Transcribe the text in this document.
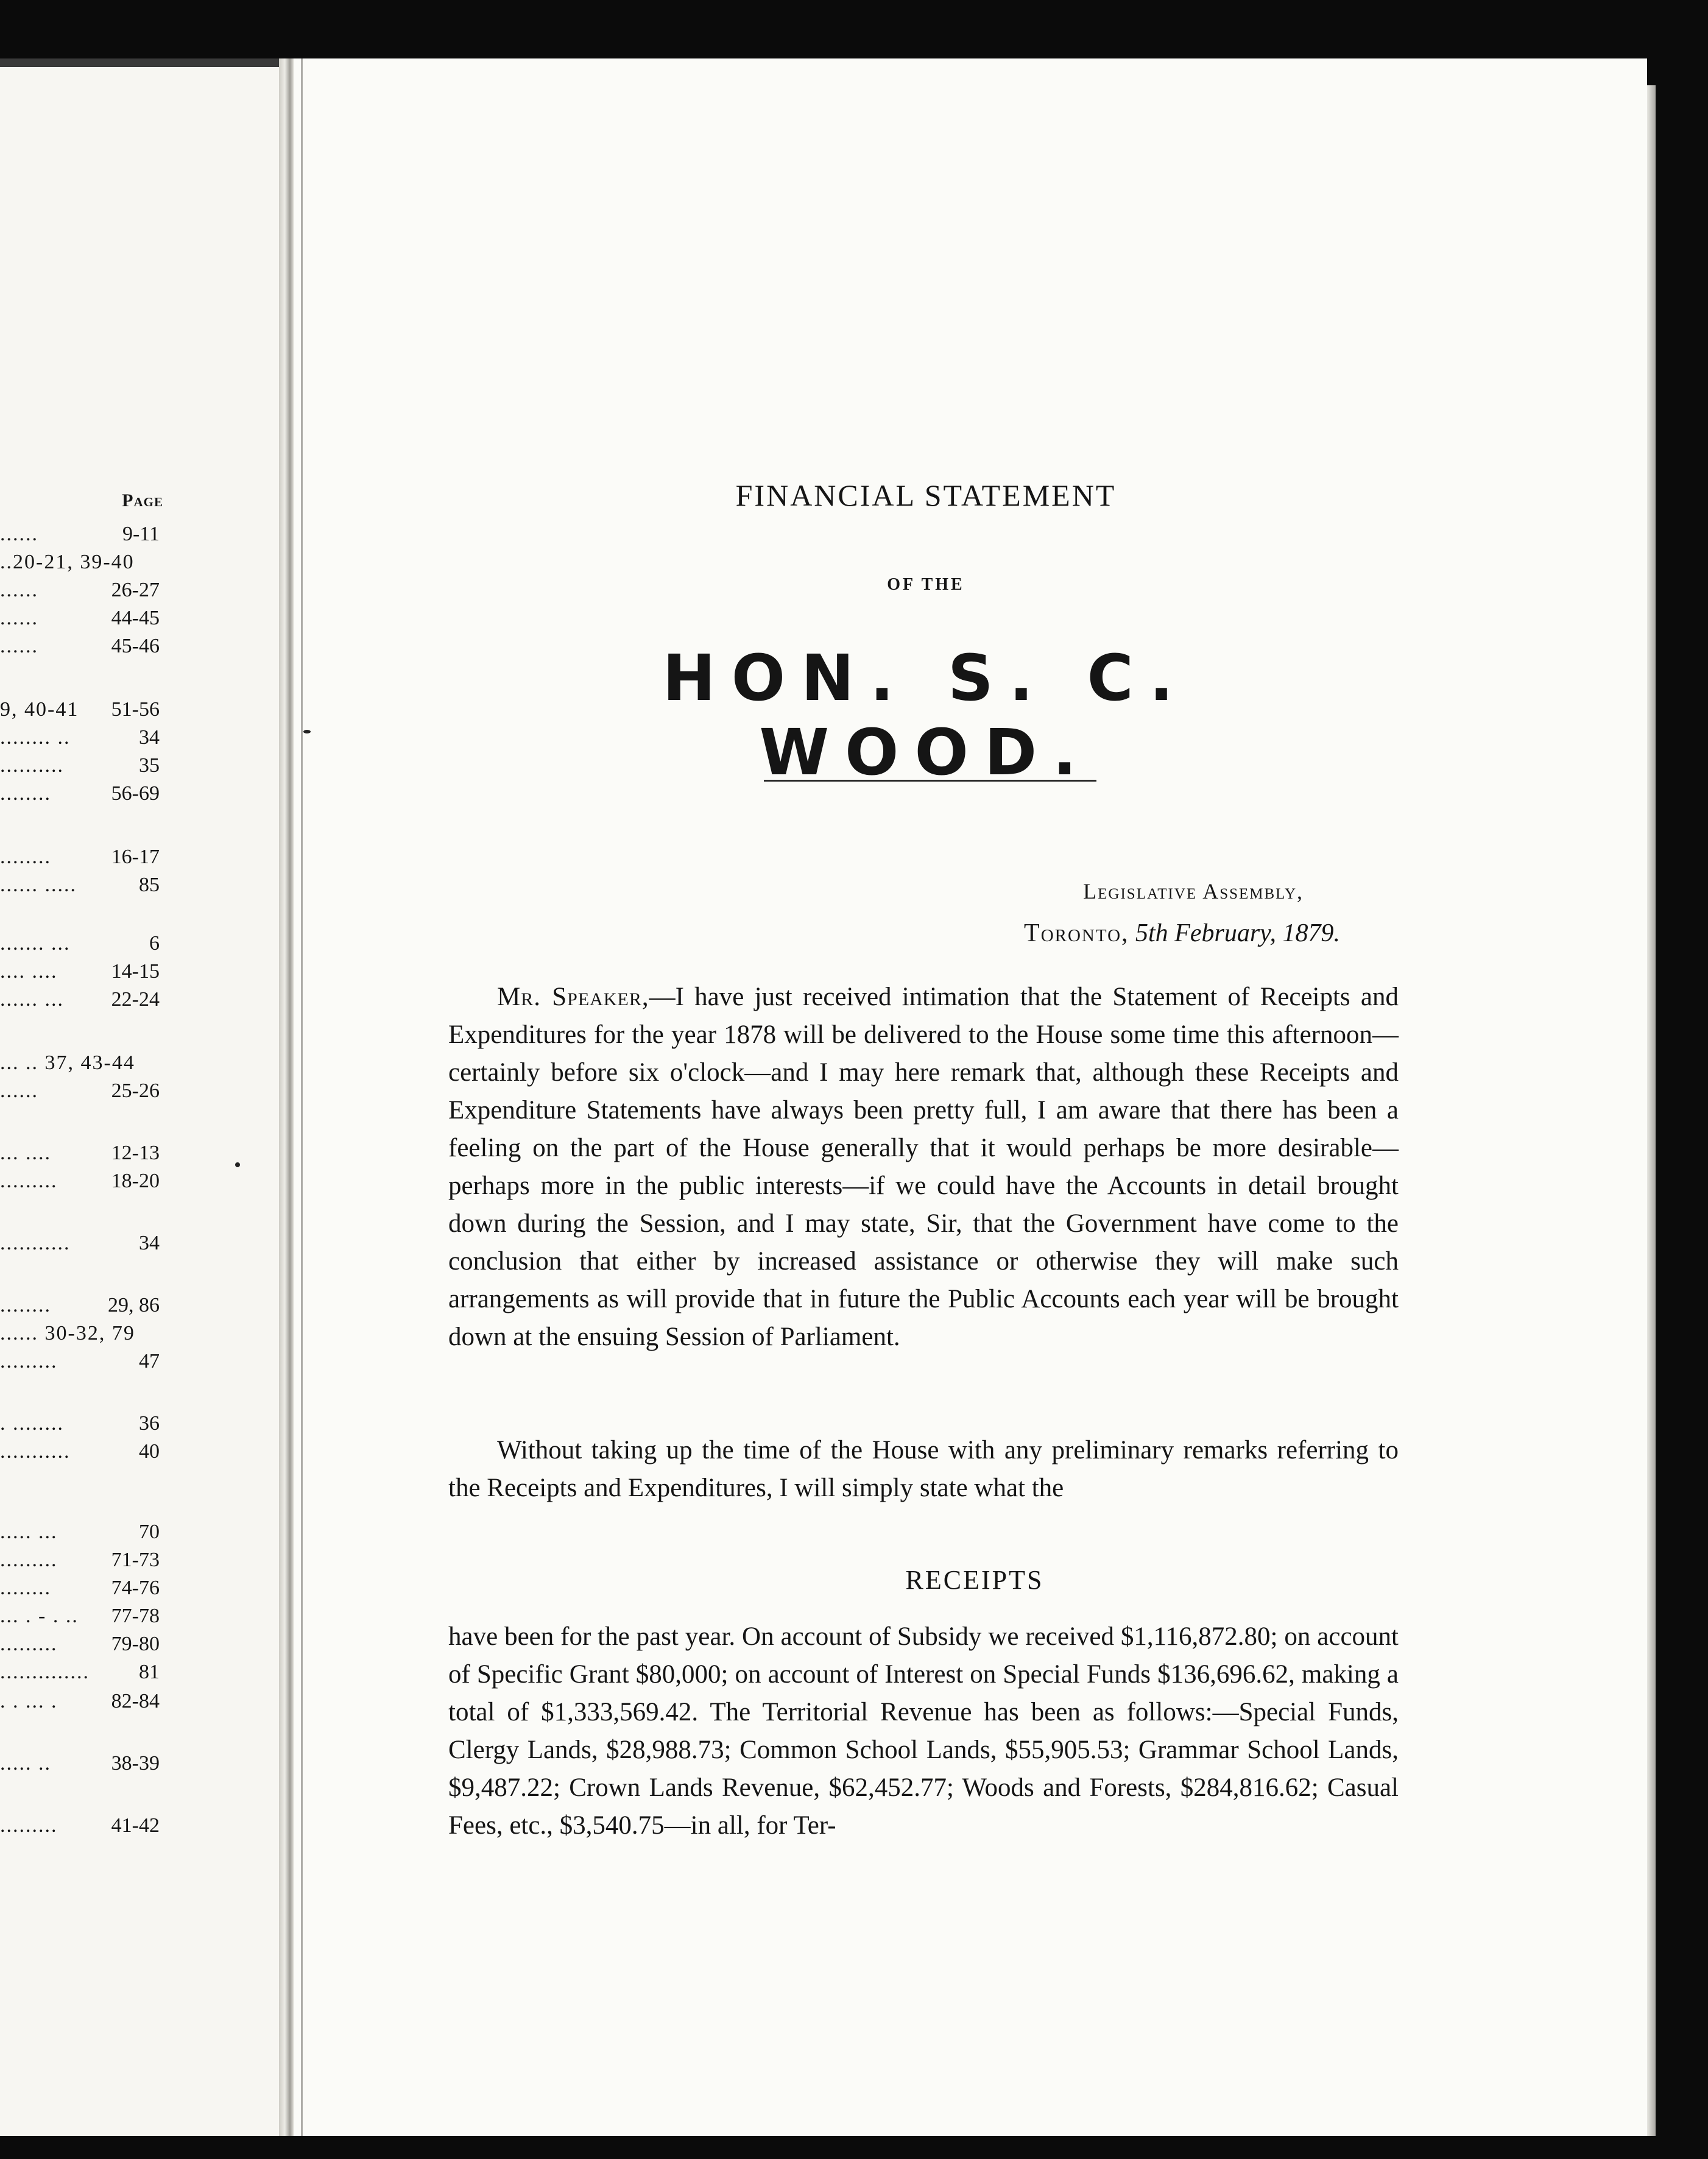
Page
......	9-11
..20-21, 39-40
......	26-27
......	44-45
......	45-46
9, 40-41 51-56
........ ..	34
..........	35
........	56-69
........	16-17
...... .....	85
....... ...	6
.... ....	14-15
...... ... 22-24
... .. 37, 43-44
......	25-26
... ....	12-13
.........	18-20
...........	34
........	29, 86
...... 30-32, 79
.........	47
. ........	36
...........	40
..... ...	70
.........	71-73
........	74-76
... . - . .. 77-78
.........	79-80
.............. 81
. . ... .	82-84
..... ..	38-39
.........	41-42
FINANCIAL STATEMENT
OF THE
HON. S. C. WOOD.
Legislative Assembly,
Toronto, 5th February, 1879.

Mr. Speaker,—I have just received intimation that the Statement of Receipts and Expenditures for the year 1878 will be delivered to the House some time this afternoon—certainly before six o'clock—and I may here remark that, although these Receipts and Expenditure Statements have always been pretty full, I am aware that there has been a feeling on the part of the House generally that it would perhaps be more desirable—perhaps more in the public interests—if we could have the Accounts in detail brought down during the Session, and I may state, Sir, that the Government have come to the conclusion that either by increased assistance or otherwise they will make such arrangements as will provide that in future the Public Accounts each year will be brought down at the ensuing Session of Parliament.

Without taking up the time of the House with any preliminary remarks referring to the Receipts and Expenditures, I will simply state what the

RECEIPTS

have been for the past year. On account of Subsidy we received $1,116,872.80; on account of Specific Grant $80,000; on account of Interest on Special Funds $136,696.62, making a total of $1,333,569.42. The Territorial Revenue has been as follows:—Special Funds, Clergy Lands, $28,988.73; Common School Lands, $55,905.53; Grammar School Lands, $9,487.22; Crown Lands Revenue, $62,452.77; Woods and Forests, $284,816.62; Casual Fees, etc., $3,540.75—in all, for Ter-
